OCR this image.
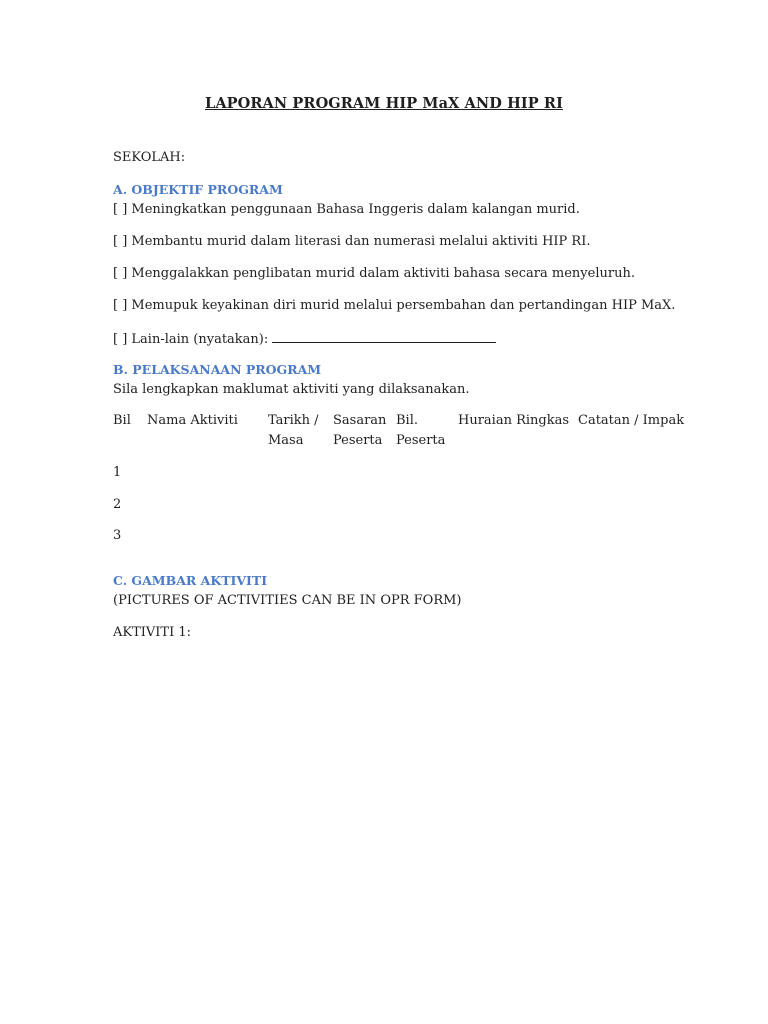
LAPORAN PROGRAM HIP MaX AND HIP RI
SEKOLAH:
A. OBJEKTIF PROGRAM
[ ] Meningkatkan penggunaan Bahasa Inggeris dalam kalangan murid.
[ ] Membantu murid dalam literasi dan numerasi melalui aktiviti HIP RI.
[ ] Menggalakkan penglibatan murid dalam aktiviti bahasa secara menyeluruh.
[ ] Memupuk keyakinan diri murid melalui persembahan dan pertandingan HIP MaX.
[ ] Lain-lain (nyatakan):
B. PELAKSANAAN PROGRAM
Sila lengkapkan maklumat aktiviti yang dilaksanakan.
Bil Nama Aktiviti Tarikh /
Masa
Sasaran
Peserta
Bil.
Peserta
Huraian Ringkas Catatan / Impak
1
2
3
C. GAMBAR AKTIVITI
(PICTURES OF ACTIVITIES CAN BE IN OPR FORM)
AKTIVITI 1:
